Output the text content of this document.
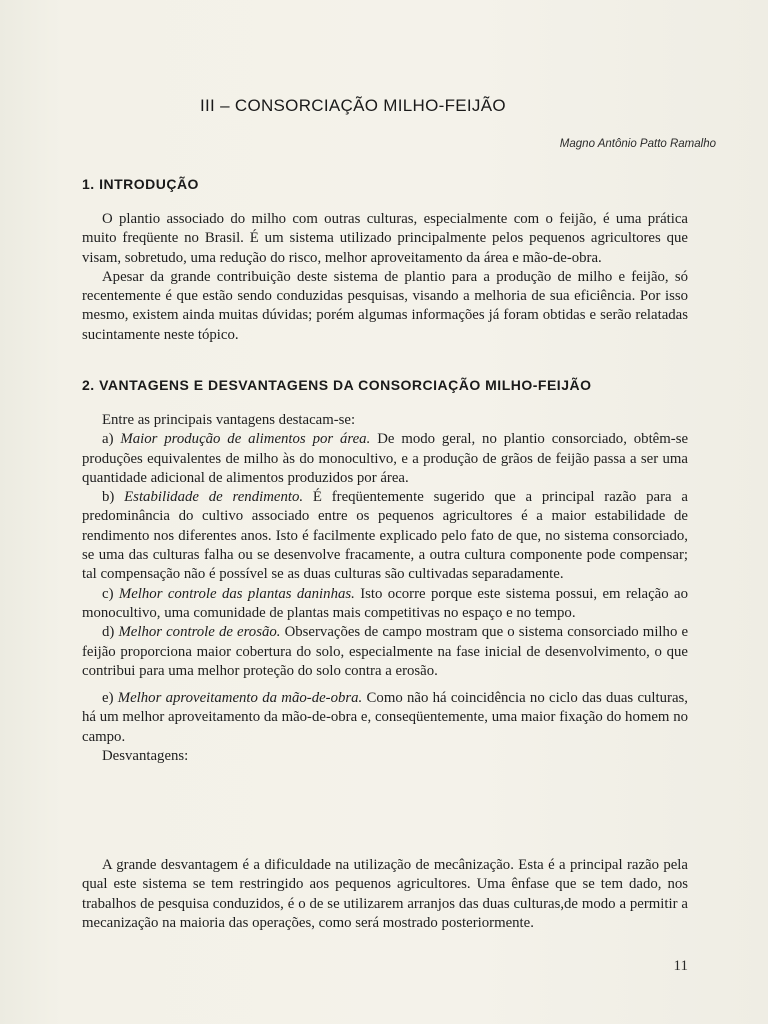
III – CONSORCIAÇÃO MILHO-FEIJÃO
Magno Antônio Patto Ramalho
1. INTRODUÇÃO

O plantio associado do milho com outras culturas, especialmente com o feijão, é uma prática muito freqüente no Brasil. É um sistema utilizado principalmente pelos pequenos agricultores que visam, sobretudo, uma redução do risco, melhor aproveitamento da área e mão-de-obra.

Apesar da grande contribuição deste sistema de plantio para a produção de milho e feijão, só recentemente é que estão sendo conduzidas pesquisas, visando a melhoria de sua eficiência. Por isso mesmo, existem ainda muitas dúvidas; porém algumas informações já foram obtidas e serão relatadas sucintamente neste tópico.

2. VANTAGENS E DESVANTAGENS DA CONSORCIAÇÃO MILHO-FEIJÃO

Entre as principais vantagens destacam-se:

a) Maior produção de alimentos por área. De modo geral, no plantio consorciado, obtêm-se produções equivalentes de milho às do monocultivo, e a produção de grãos de feijão passa a ser uma quantidade adicional de alimentos produzidos por área.

b) Estabilidade de rendimento. É freqüentemente sugerido que a principal razão para a predominância do cultivo associado entre os pequenos agricultores é a maior estabilidade de rendimento nos diferentes anos. Isto é facilmente explicado pelo fato de que, no sistema consorciado, se uma das culturas falha ou se desenvolve fracamente, a outra cultura componente pode compensar; tal compensação não é possível se as duas culturas são cultivadas separadamente.

c) Melhor controle das plantas daninhas. Isto ocorre porque este sistema possui, em relação ao monocultivo, uma comunidade de plantas mais competitivas no espaço e no tempo.

d) Melhor controle de erosão. Observações de campo mostram que o sistema consorciado milho e feijão proporciona maior cobertura do solo, especialmente na fase inicial de desenvolvimento, o que contribui para uma melhor proteção do solo contra a erosão.

e) Melhor aproveitamento da mão-de-obra. Como não há coincidência no ciclo das duas culturas, há um melhor aproveitamento da mão-de-obra e, conseqüentemente, uma maior fixação do homem no campo.

Desvantagens:

A grande desvantagem é a dificuldade na utilização de mecânização. Esta é a principal razão pela qual este sistema se tem restringido aos pequenos agricultores. Uma ênfase que se tem dado, nos trabalhos de pesquisa conduzidos, é o de se utilizarem arranjos das duas culturas,de modo a permitir a mecanização na maioria das operações, como será mostrado posteriormente.

11
